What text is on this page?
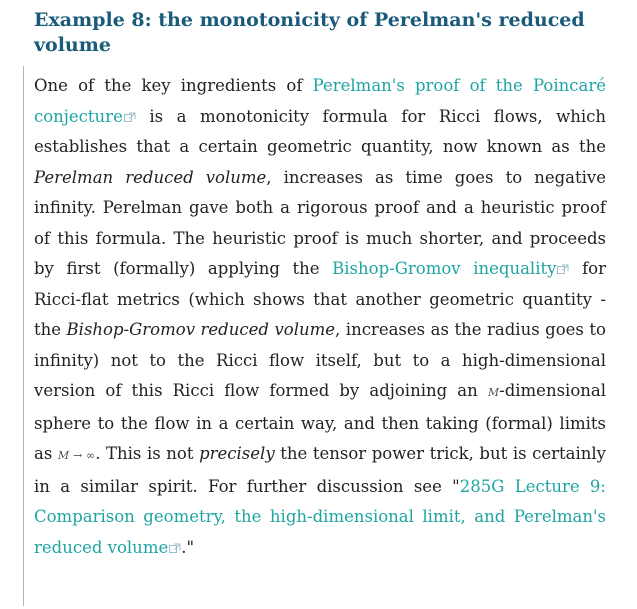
Example 8: the monotonicity of Perelman's reduced volume

One of the key ingredients of Perelman's proof of the Poincaré conjecture
is a monotonicity formula for Ricci flows, which establishes that a certain geometric quantity, now known as the Perelman reduced volume, increases as time goes to negative infinity. Perelman gave both a rigorous proof and a heuristic proof of this formula. The heuristic proof is much shorter, and proceeds by first (formally) applying the Bishop-Gromov inequality
for Ricci-flat metrics (which shows that another geometric quantity - the Bishop-Gromov reduced volume, increases as the radius goes to infinity) not to the Ricci flow itself, but to a high-dimensional version of this Ricci flow formed by adjoining an M-dimensional sphere to the flow in a certain way, and then taking (formal) limits as M → ∞. This is not precisely the tensor power trick, but is certainly in a similar spirit. For further discussion see "285G Lecture 9: Comparison geometry, the high-dimensional limit, and Perelman's reduced volume ."
